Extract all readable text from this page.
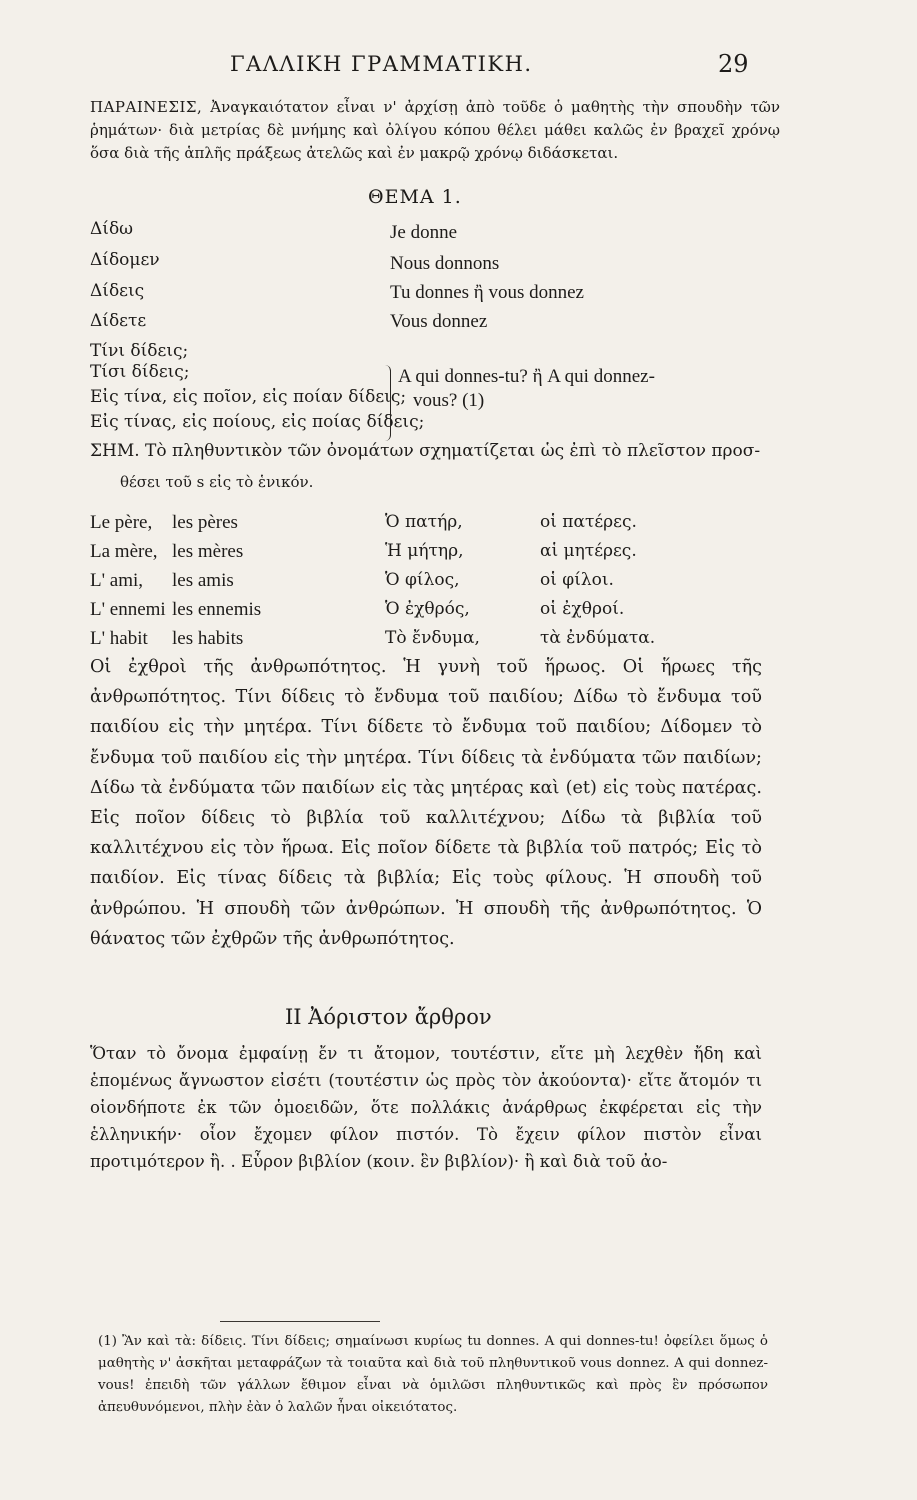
ΓΑΛΛΙΚΗ ΓΡΑΜΜΑΤΙΚΗ.	29
ΠΑΡΑΙΝΕΣΙΣ, Ἀναγκαιότατον εἶναι ν' ἀρχίσῃ ἀπὸ τοῦδε ὁ μαθητὴς τὴν σπουδὴν τῶν ῥημάτων· διὰ μετρίας δὲ μνήμης καὶ ὀλίγου κόπου θέλει μάθει καλῶς ἐν βραχεῖ χρόνῳ ὅσα διὰ τῆς ἁπλῆς πράξεως ἀτελῶς καὶ ἐν μακρῷ χρόνῳ διδάσκεται.
ΘΕΜΑ 1.
Δίδω	Je donne
Δίδομεν	Nous donnons
Δίδεις	Tu donnes ἢ vous donnez
Δίδετε	Vous donnez
Τίνι δίδεις;
Τίσι δίδεις;
Εἰς τίνα, εἰς ποῖον, εἰς ποίαν δίδεις;
Εἰς τίνας, εἰς ποίους, εἰς ποίας δίδεις;
A qui donnes-tu? ἢ A qui donnez-
vous? (1)
ΣΗΜ. Τὸ πληθυντικὸν τῶν ὀνομάτων σχηματίζεται ὡς ἐπὶ τὸ πλεῖστον προσ-
θέσει τοῦ s εἰς τὸ ἑνικόν.
Le père, les pères	Ὁ πατήρ,	οἱ πατέρες.
La mère, les mères	Ἡ μήτηρ,	αἱ μητέρες.
L' ami, les amis	Ὁ φίλος,	οἱ φίλοι.
L' ennemi les ennemis	Ὁ ἐχθρός,	οἱ ἐχθροί.
L' habit les habits	Τὸ ἔνδυμα,	τὰ ἐνδύματα.
Οἱ ἐχθροὶ τῆς ἀνθρωπότητος. Ἡ γυνὴ τοῦ ἥρωος. Οἱ ἥρωες τῆς ἀνθρωπότητος. Τίνι δίδεις τὸ ἔνδυμα τοῦ παιδίου; Δίδω τὸ ἔνδυμα τοῦ παιδίου εἰς τὴν μητέρα. Τίνι δίδετε τὸ ἔνδυμα τοῦ παιδίου; Δίδομεν τὸ ἔνδυμα τοῦ παιδίου εἰς τὴν μητέρα. Τίνι δίδεις τὰ ἐνδύματα τῶν παιδίων; Δίδω τὰ ἐνδύματα τῶν παιδίων εἰς τὰς μητέρας καὶ (et) εἰς τοὺς πατέρας. Εἰς ποῖον δίδεις τὸ βιβλία τοῦ καλλιτέχνου; Δίδω τὰ βιβλία τοῦ καλλιτέχνου εἰς τὸν ἥρωα. Εἰς ποῖον δίδετε τὰ βιβλία τοῦ πατρός; Εἰς τὸ παιδίον. Εἰς τίνας δίδεις τὰ βιβλία; Εἰς τοὺς φίλους. Ἡ σπουδὴ τοῦ ἀνθρώπου. Ἡ σπουδὴ τῶν ἀνθρώπων. Ἡ σπουδὴ τῆς ἀνθρωπότητος. Ὁ θάνατος τῶν ἐχθρῶν τῆς ἀνθρωπότητος.
II Ἀόριστον ἄρθρον
Ὅταν τὸ ὄνομα ἐμφαίνῃ ἔν τι ἄτομον, τουτέστιν, εἴτε μὴ λεχθὲν ἤδη καὶ ἑπομένως ἄγνωστον εἰσέτι (τουτέστιν ὡς πρὸς τὸν ἀκούοντα)· εἴτε ἄτομόν τι οἱονδήποτε ἐκ τῶν ὁμοειδῶν, ὅτε πολλάκις ἀνάρθρως ἐκφέρεται εἰς τὴν ἑλληνικήν· οἷον ἔχομεν φίλον πιστόν. Τὸ ἔχειν φίλον πιστὸν εἶναι προτιμότερον ἢ. . Εὗρον βιβλίον (κοιν. ἓν βιβλίον)· ἢ καὶ διὰ τοῦ ἀο-
(1) Ἂν καὶ τὰ: δίδεις. Τίνι δίδεις; σημαίνωσι κυρίως tu donnes. A qui donnes-tu! ὀφείλει ὅμως ὁ μαθητὴς ν' ἀσκῆται μεταφράζων τὰ τοιαῦτα καὶ διὰ τοῦ πληθυντικοῦ vous donnez. A qui donnez-vous! ἐπειδὴ τῶν γάλλων ἔθιμον εἶναι νὰ ὁμιλῶσι πληθυντικῶς καὶ πρὸς ἓν πρόσωπον ἀπευθυνόμενοι, πλὴν ἐὰν ὁ λαλῶν ἦναι οἰκειότατος.
